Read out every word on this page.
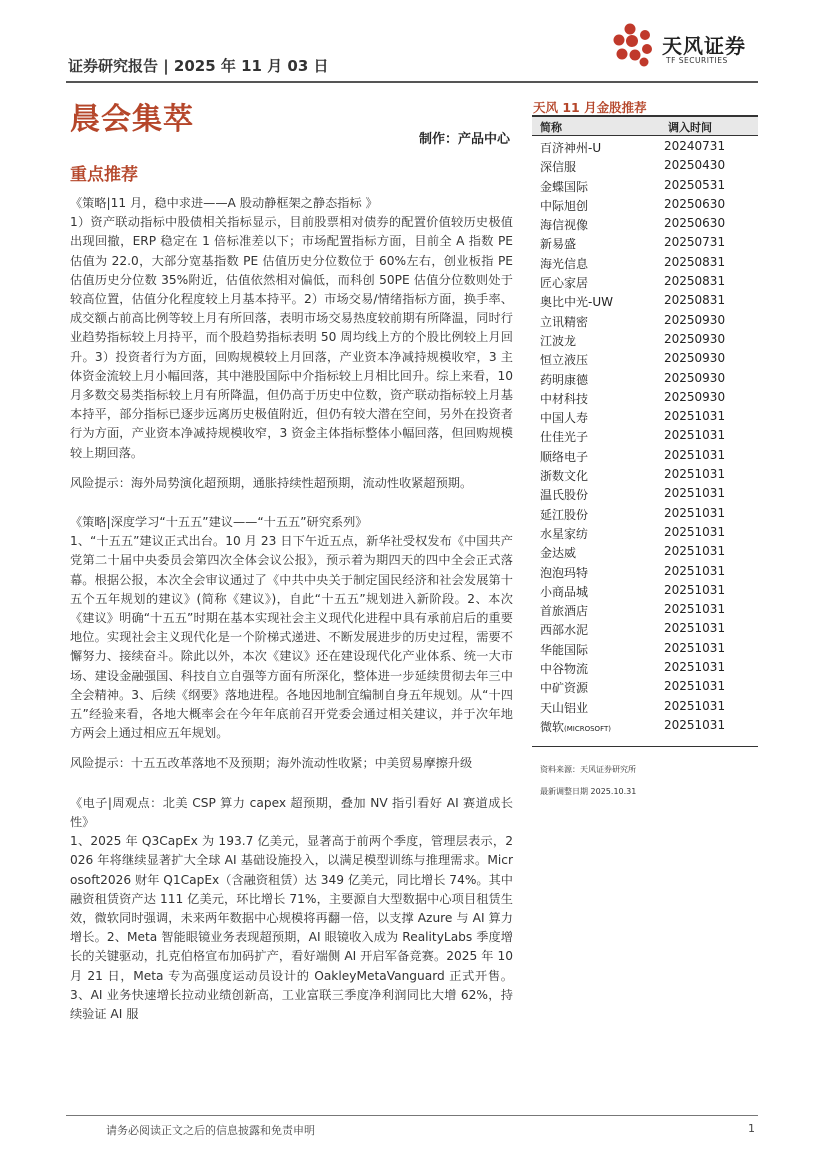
证券研究报告 | 2025 年 11 月 03 日
天风证券
TF SECURITIES
晨会集萃
制作：产品中心
重点推荐

《策略|11 月，稳中求进——A 股动静框架之静态指标 》

1）资产联动指标中股债相关指标显示，目前股票相对债券的配置价值较历史极值出现回撤，ERP 稳定在 1 倍标准差以下；市场配置指标方面，目前全 A 指数 PE 估值为 22.0，大部分宽基指数 PE 估值历史分位数位于 60%左右，创业板指 PE 估值历史分位数 35%附近，估值依然相对偏低，而科创 50PE 估值分位数则处于较高位置，估值分化程度较上月基本持平。2）市场交易/情绪指标方面，换手率、成交额占前高比例等较上月有所回落，表明市场交易热度较前期有所降温，同时行业趋势指标较上月持平，而个股趋势指标表明 50 周均线上方的个股比例较上月回升。3）投资者行为方面，回购规模较上月回落，产业资本净减持规模收窄，3 主体资金流较上月小幅回落，其中港股国际中介指标较上月相比回升。综上来看，10 月多数交易类指标较上月有所降温，但仍高于历史中位数，资产联动指标较上月基本持平，部分指标已逐步远离历史极值附近，但仍有较大潜在空间，另外在投资者行为方面，产业资本净减持规模收窄，3 资金主体指标整体小幅回落，但回购规模较上期回落。

风险提示：海外局势演化超预期，通胀持续性超预期，流动性收紧超预期。

《策略|深度学习“十五五”建议——“十五五”研究系列》

1、“十五五”建议正式出台。10 月 23 日下午近五点，新华社受权发布《中国共产党第二十届中央委员会第四次全体会议公报》，预示着为期四天的四中全会正式落幕。根据公报，本次全会审议通过了《中共中央关于制定国民经济和社会发展第十五个五年规划的建议》(简称《建议》)，自此“十五五”规划进入新阶段。2、本次《建议》明确“十五五”时期在基本实现社会主义现代化进程中具有承前启后的重要地位。实现社会主义现代化是一个阶梯式递进、不断发展进步的历史过程，需要不懈努力、接续奋斗。除此以外，本次《建议》还在建设现代化产业体系、统一大市场、建设金融强国、科技自立自强等方面有所深化，整体进一步延续贯彻去年三中全会精神。3、后续《纲要》落地进程。各地因地制宜编制自身五年规划。从“十四五”经验来看，各地大概率会在今年年底前召开党委会通过相关建议，并于次年地方两会上通过相应五年规划。

风险提示：十五五改革落地不及预期；海外流动性收紧；中美贸易摩擦升级

《电子|周观点：北美 CSP 算力 capex 超预期，叠加 NV 指引看好 AI 赛道成长性》

1、2025 年 Q3CapEx 为 193.7 亿美元，显著高于前两个季度，管理层表示，2026 年将继续显著扩大全球 AI 基础设施投入，以满足模型训练与推理需求。Microsoft2026 财年 Q1CapEx（含融资租赁）达 349 亿美元，同比增长 74%。其中融资租赁资产达 111 亿美元，环比增长 71%，主要源自大型数据中心项目租赁生效，微软同时强调，未来两年数据中心规模将再翻一倍，以支撑 Azure 与 AI 算力增长。2、Meta 智能眼镜业务表现超预期，AI 眼镜收入成为 RealityLabs 季度增长的关键驱动，扎克伯格宣布加码扩产，看好端侧 AI 开启军备竞赛。2025 年 10 月 21 日，Meta 专为高强度运动员设计的 OakleyMetaVanguard 正式开售。3、AI 业务快速增长拉动业绩创新高，工业富联三季度净利润同比大增 62%，持续验证 AI 服

天风 11 月金股推荐
简称	调入时间
百济神州-U	20240731
深信服	20250430
金蝶国际	20250531
中际旭创	20250630
海信视像	20250630
新易盛	20250731
海光信息	20250831
匠心家居	20250831
奥比中光-UW	20250831
立讯精密	20250930
江波龙	20250930
恒立液压	20250930
药明康德	20250930
中材科技	20250930
中国人寿	20251031
仕佳光子	20251031
顺络电子	20251031
浙数文化	20251031
温氏股份	20251031
延江股份	20251031
水星家纺	20251031
金达威	20251031
泡泡玛特	20251031
小商品城	20251031
首旅酒店	20251031
西部水泥	20251031
华能国际	20251031
中谷物流	20251031
中矿资源	20251031
天山铝业	20251031
微软(MICROSOFT)	20251031
资料来源：天风证券研究所
最新调整日期 2025.10.31
请务必阅读正文之后的信息披露和免责申明	1
